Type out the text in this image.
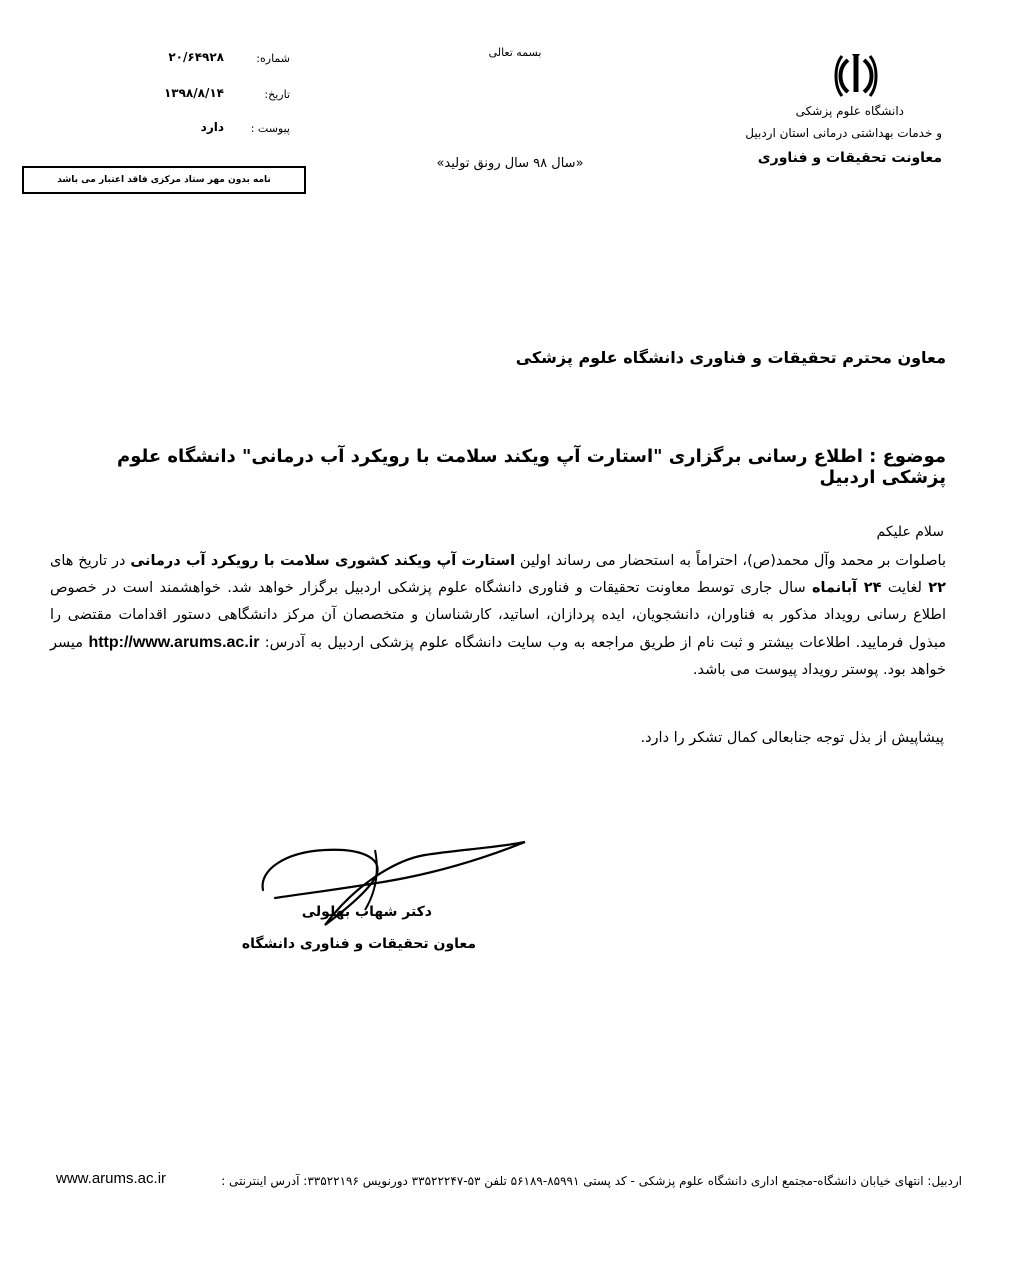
دانشگاه علوم پزشکی
و خدمات بهداشتی درمانی استان اردبیل
معاونت تحقیقات و فناوری
بسمه تعالی
«سال ۹۸ سال رونق تولید»
شماره:
تاریخ:
پیوست :
۲۰/۶۴۹۲۸
۱۳۹۸/۸/۱۴
دارد
نامه بدون مهر ستاد مرکزی فاقد اعتبار می باشد
معاون محترم تحقیقات و فناوری دانشگاه علوم پزشکی
موضوع : اطلاع رسانی برگزاری "استارت آپ ویکند سلامت با رویکرد آب درمانی" دانشگاه علوم پزشکی اردبیل
سلام علیکم
باصلوات بر محمد وآل محمد(ص)، احتراماً به استحضار می رساند اولین استارت آپ ویکند کشوری سلامت با رویکرد آب درمانی در تاریخ های ۲۲ لغایت ۲۴ آبانماه سال جاری توسط معاونت تحقیقات و فناوری دانشگاه علوم پزشکی اردبیل برگزار خواهد شد. خواهشمند است در خصوص اطلاع رسانی رویداد مذکور به فناوران، دانشجویان، ایده پردازان، اساتید، کارشناسان و متخصصان آن مرکز دانشگاهی دستور اقدامات مقتضی را مبذول فرمایید. اطلاعات بیشتر و ثبت نام از طریق مراجعه به وب سایت دانشگاه علوم پزشکی اردبیل به آدرس: http://www.arums.ac.ir میسر خواهد بود. پوستر رویداد پیوست می باشد.
پیشاپیش از بذل توجه جنابعالی کمال تشکر را دارد.
دکتر شهاب بهلولی
معاون تحقیقات و فناوری دانشگاه
اردبیل: انتهای خیابان دانشگاه-مجتمع اداری دانشگاه علوم پزشکی - کد پستی ۸۵۹۹۱-۵۶۱۸۹ تلفن ۵۳-۳۳۵۲۲۲۴۷ دورنویس ۳۳۵۲۲۱۹۶: آدرس اینترنتی :
www.arums.ac.ir
